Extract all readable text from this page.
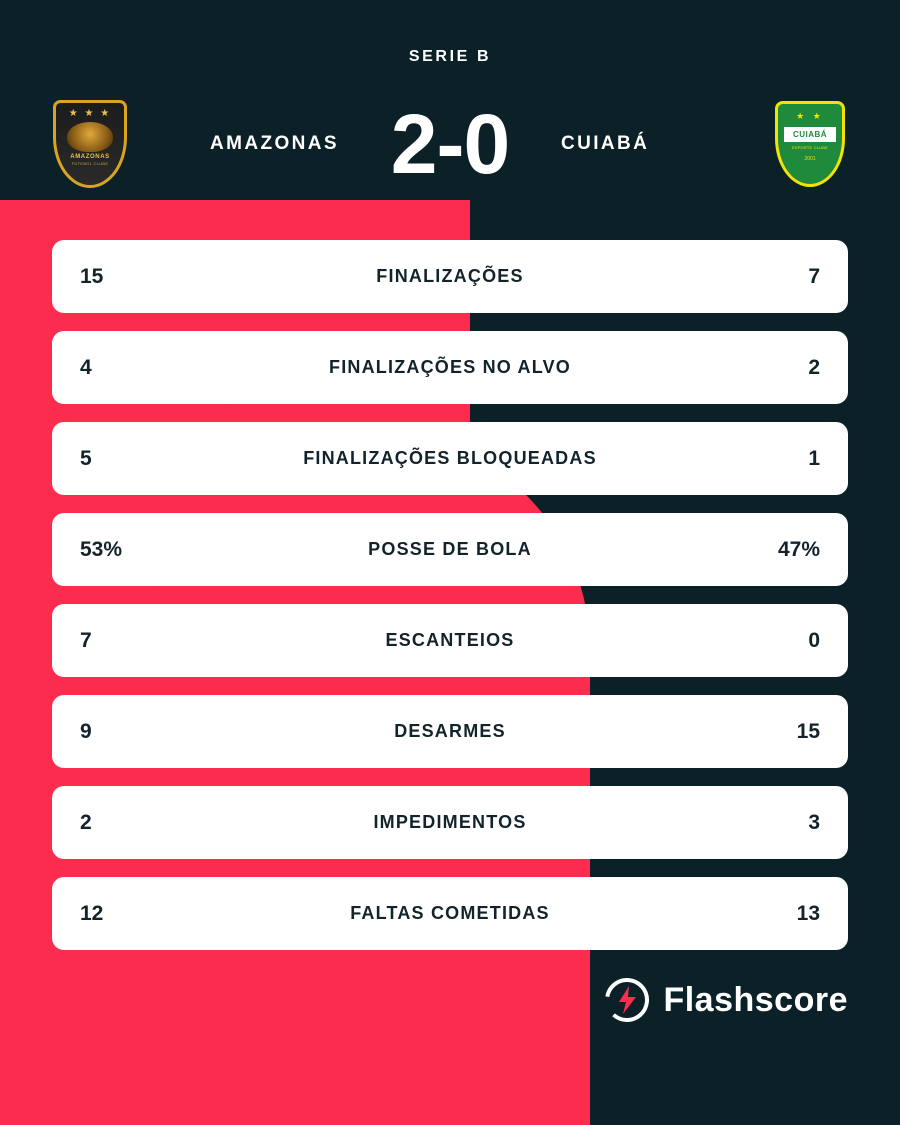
SERIE B
★ ★ ★
AMAZONAS
FUTEBOL CLUBE
AMAZONAS 2-0	CUIABÁ
★ ★
CUIABÁ
ESPORTE CLUBE
2001
15	FINALIZAÇÕES	7
4	FINALIZAÇÕES NO ALVO	2
5	FINALIZAÇÕES BLOQUEADAS	1
53%	POSSE DE BOLA	47%
7	ESCANTEIOS	0
9	DESARMES	15
2	IMPEDIMENTOS	3
12	FALTAS COMETIDAS	13
Flashscore
